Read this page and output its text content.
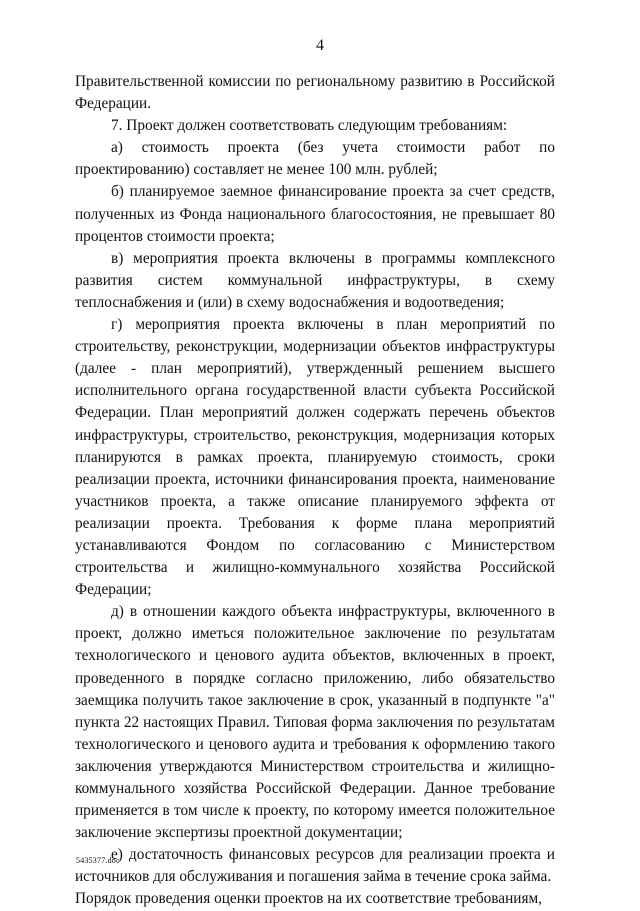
4

Правительственной комиссии по региональному развитию в Российской Федерации.

7. Проект должен соответствовать следующим требованиям:

а) стоимость проекта (без учета стоимости работ по проектированию) составляет не менее 100 млн. рублей;

б) планируемое заемное финансирование проекта за счет средств, полученных из Фонда национального благосостояния, не превышает 80 процентов стоимости проекта;

в) мероприятия проекта включены в программы комплексного развития систем коммунальной инфраструктуры, в схему теплоснабжения и (или) в схему водоснабжения и водоотведения;

г) мероприятия проекта включены в план мероприятий по строительству, реконструкции, модернизации объектов инфраструктуры (далее - план мероприятий), утвержденный решением высшего исполнительного органа государственной власти субъекта Российской Федерации. План мероприятий должен содержать перечень объектов инфраструктуры, строительство, реконструкция, модернизация которых планируются в рамках проекта, планируемую стоимость, сроки реализации проекта, источники финансирования проекта, наименование участников проекта, а также описание планируемого эффекта от реализации проекта. Требования к форме плана мероприятий устанавливаются Фондом по согласованию с Министерством строительства и жилищно-коммунального хозяйства Российской Федерации;

д) в отношении каждого объекта инфраструктуры, включенного в проект, должно иметься положительное заключение по результатам технологического и ценового аудита объектов, включенных в проект, проведенного в порядке согласно приложению, либо обязательство заемщика получить такое заключение в срок, указанный в подпункте "а" пункта 22 настоящих Правил. Типовая форма заключения по результатам технологического и ценового аудита и требования к оформлению такого заключения утверждаются Министерством строительства и жилищно-коммунального хозяйства Российской Федерации. Данное требование применяется в том числе к проекту, по которому имеется положительное заключение экспертизы проектной документации;

е) достаточность финансовых ресурсов для реализации проекта и источников для обслуживания и погашения займа в течение срока займа.

Порядок проведения оценки проектов на их соответствие требованиям,

5435377.doc
